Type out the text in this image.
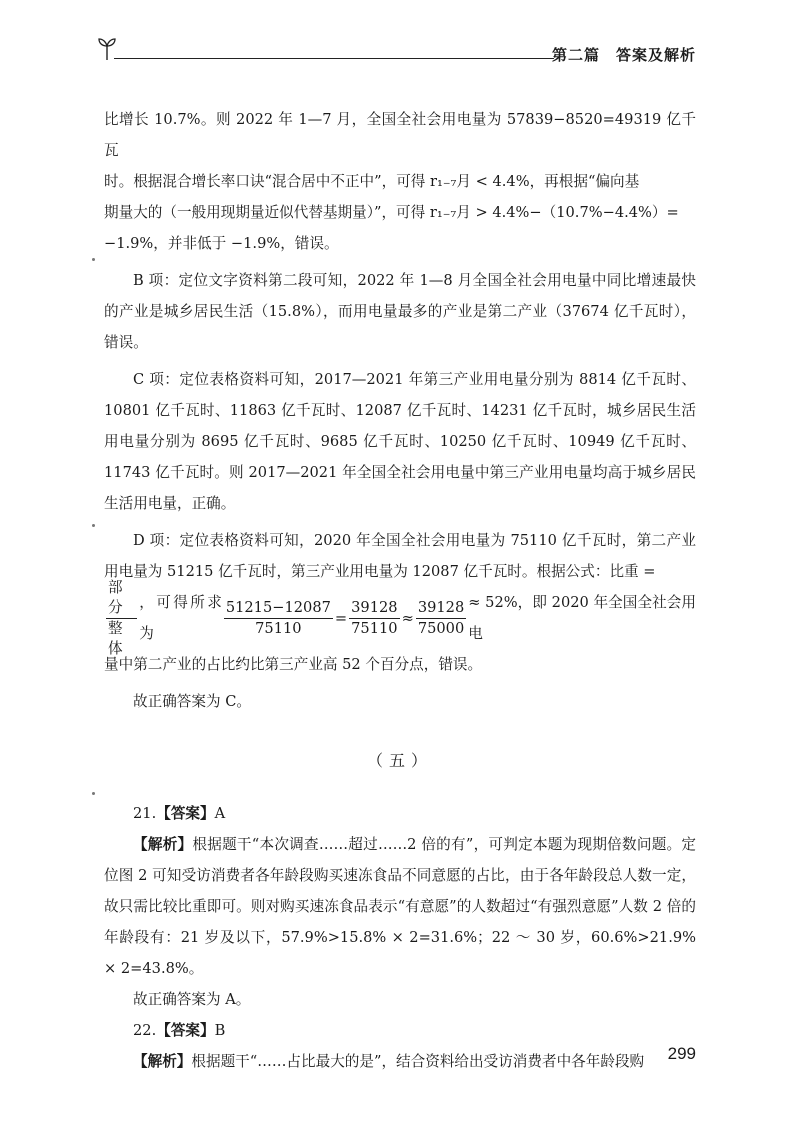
第二篇　答案及解析

比增长 10.7%。则 2022 年 1—7 月，全国全社会用电量为 57839−8520=49319 亿千瓦

时。根据混合增长率口诀“混合居中不正中”，可得 r₁₋₇月 < 4.4%，再根据“偏向基

期量大的（一般用现期量近似代替基期量）”，可得 r₁₋₇月 > 4.4%−（10.7%−4.4%）=

−1.9%，并非低于 −1.9%，错误。

B 项：定位文字资料第二段可知，2022 年 1—8 月全国全社会用电量中同比增速最快的产业是城乡居民生活（15.8%），而用电量最多的产业是第二产业（37674 亿千瓦时），错误。

C 项：定位表格资料可知，2017—2021 年第三产业用电量分别为 8814 亿千瓦时、10801 亿千瓦时、11863 亿千瓦时、12087 亿千瓦时、14231 亿千瓦时，城乡居民生活用电量分别为 8695 亿千瓦时、9685 亿千瓦时、10250 亿千瓦时、10949 亿千瓦时、11743 亿千瓦时。则 2017—2021 年全国全社会用电量中第三产业用电量均高于城乡居民生活用电量，正确。

D 项：定位表格资料可知，2020 年全国全社会用电量为 75110 亿千瓦时，第二产业用电量为 51215 亿千瓦时，第三产业用电量为 12087 亿千瓦时。根据公式：比重 =

$\frac{\text{部分}}{\text{整体}}$ ，可得所求为	$\frac{51215-12087}{75110} = \frac{39128}{75110} \approx \frac{39128}{75000} \approx 52\%$，即 2020 年全国全社会用电

量中第二产业的占比约比第三产业高 52 个百分点，错误。

故正确答案为 C。

（五）

21.【答案】A

【解析】根据题干“本次调查……超过……2 倍的有”，可判定本题为现期倍数问题。定位图 2 可知受访消费者各年龄段购买速冻食品不同意愿的占比，由于各年龄段总人数一定，故只需比较比重即可。则对购买速冻食品表示“有意愿”的人数超过“有强烈意愿”人数 2 倍的年龄段有：21 岁及以下，57.9%>15.8% × 2=31.6%；22 ～ 30 岁，60.6%>21.9% × 2=43.8%。

故正确答案为 A。

22.【答案】B

【解析】根据题干“……占比最大的是”，结合资料给出受访消费者中各年龄段购	299
